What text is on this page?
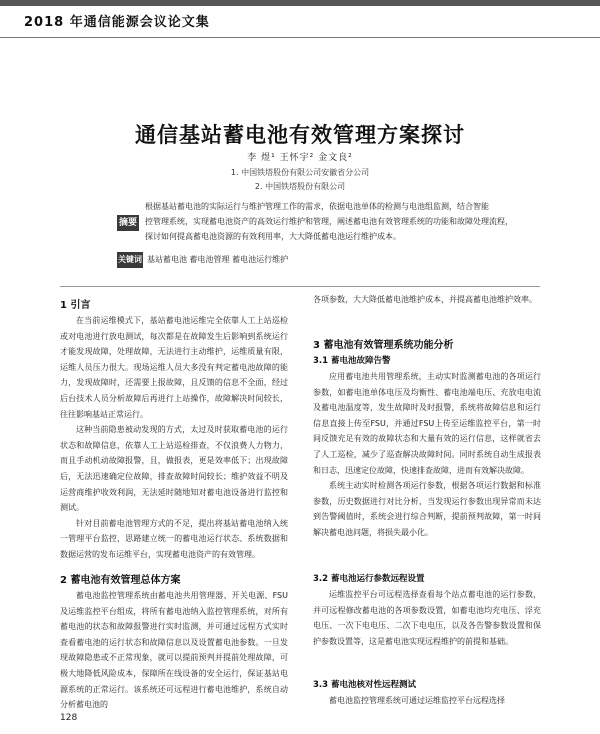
2018 年通信能源会议论文集
通信基站蓄电池有效管理方案探讨
李 煜¹ 王怀宇² 金文良²
1. 中国铁塔股份有限公司安徽省分公司
2. 中国铁塔股份有限公司
摘要
根据基站蓄电池的实际运行与维护管理工作的需求，依据电池单体的检测与电池组监测，结合智能
控管理系统，实现蓄电池资产的高效运行维护和管理，阐述蓄电池有效管理系统的功能和故障处理流程，
探讨如何提高蓄电池资源的有效利用率，大大降低蓄电池运行维护成本。
关键词 基站蓄电池 蓄电池管理 蓄电池运行维护
1 引言

在当前运维模式下，基站蓄电池运维完全依靠人工上站巡检或对电池进行放电测试，每次都是在故障发生后影响到系统运行才能发现故障，处理故障，无法进行主动维护，运维质量有限，运维人员压力很大。现场运维人员大多没有判定蓄电池故障的能力，发现故障时，还需要上报故障，且反馈的信息不全面，经过后台技术人员分析故障后再进行上站操作，故障解决时间较长，往往影响基站正常运行。

这种当前隐患被动发现的方式，太过及时获取蓄电池的运行状态和故障信息，依靠人工上站巡检排查，不仅浪费人力物力，而且手动机动故障报警，且，做报表，更是效率低下；出现故障后，无法迅速确定位故障，排查故障时间较长；维护效益不明及运营商维护收效利润，无法延时随地知对蓄电池设备进行监控和测试。

针对目前蓄电池管理方式的不足，提出将基站蓄电池纳入统一管理平台监控，思路建立统一的蓄电池运行状态、系统数据和数据运营的发布运维平台，实现蓄电池资产的有效管理。

2 蓄电池有效管理总体方案

蓄电池监控管理系统由蓄电池共用管理器、开关电源、FSU及运维监控平台组成，将所有蓄电池纳入监控管理系统，对所有蓄电池的状态和故障报警进行实时监测，并可通过远程方式实时查看蓄电池的运行状态和故障信息以及设置蓄电池参数。一旦发现故障隐患或不正常现象，就可以提前预判并提前处理故障，可极大地降低风险成本，保障所在线设备的安全运行，保证基站电源系统的正常运行。该系统还可远程进行蓄电池维护，系统自动分析蓄电池的

各项参数，大大降低蓄电池维护成本，并提高蓄电池维护效率。

3 蓄电池有效管理系统功能分析
3.1 蓄电池故障告警

应用蓄电池共用管理系统，主动实时监测蓄电池的各项运行参数，如蓄电池单体电压及均衡性、蓄电池端电压、充放电电流及蓄电池温度等，发生故障时及时报警，系统将故障信息和运行信息直接上传至FSU，并通过FSU上传至运维监控平台，第一时间反馈充足有效的故障状态和大量有效的运行信息，这样就省去了人工巡检，减少了巡查解决故障时间。同时系统自动生成报表和日志，迅速定位故障，快速排查故障，进而有效解决故障。

系统主动实时检测各项运行参数，根据各项运行数据和标准参数，历史数据进行对比分析，当发现运行参数出现异常而未达到告警阈值时，系统会进行综合判断，提前预判故障，第一时间解决蓄电池问题，将损失最小化。

3.2 蓄电池运行参数远程设置

运维监控平台可远程选择查看每个站点蓄电池的运行参数，并可远程修改蓄电池的各项参数设置，如蓄电池均充电压、浮充电压、一次下电电压、二次下电电压，以及各告警参数设置和保护参数设置等，这是蓄电池实现远程维护的前提和基础。

3.3 蓄电池核对性远程测试

蓄电池监控管理系统可通过运维监控平台远程选择

128
